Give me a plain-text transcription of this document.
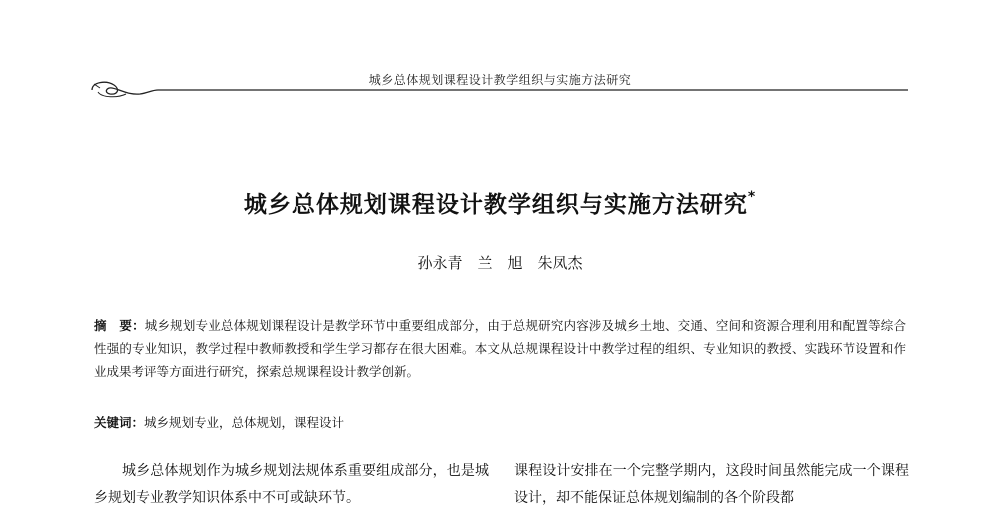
城乡总体规划课程设计教学组织与实施方法研究
城乡总体规划课程设计教学组织与实施方法研究*
孙永青　兰　旭　朱凤杰
摘　要：城乡规划专业总体规划课程设计是教学环节中重要组成部分，由于总规研究内容涉及城乡土地、交通、空间和资源合理利用和配置等综合性强的专业知识，教学过程中教师教授和学生学习都存在很大困难。本文从总规课程设计中教学过程的组织、专业知识的教授、实践环节设置和作业成果考评等方面进行研究，探索总规课程设计教学创新。
关键词：城乡规划专业，总体规划，课程设计
城乡总体规划作为城乡规划法规体系重要组成部分，也是城乡规划专业教学知识体系中不可或缺环节。
课程设计安排在一个完整学期内，这段时间虽然能完成一个课程设计，却不能保证总体规划编制的各个阶段都
